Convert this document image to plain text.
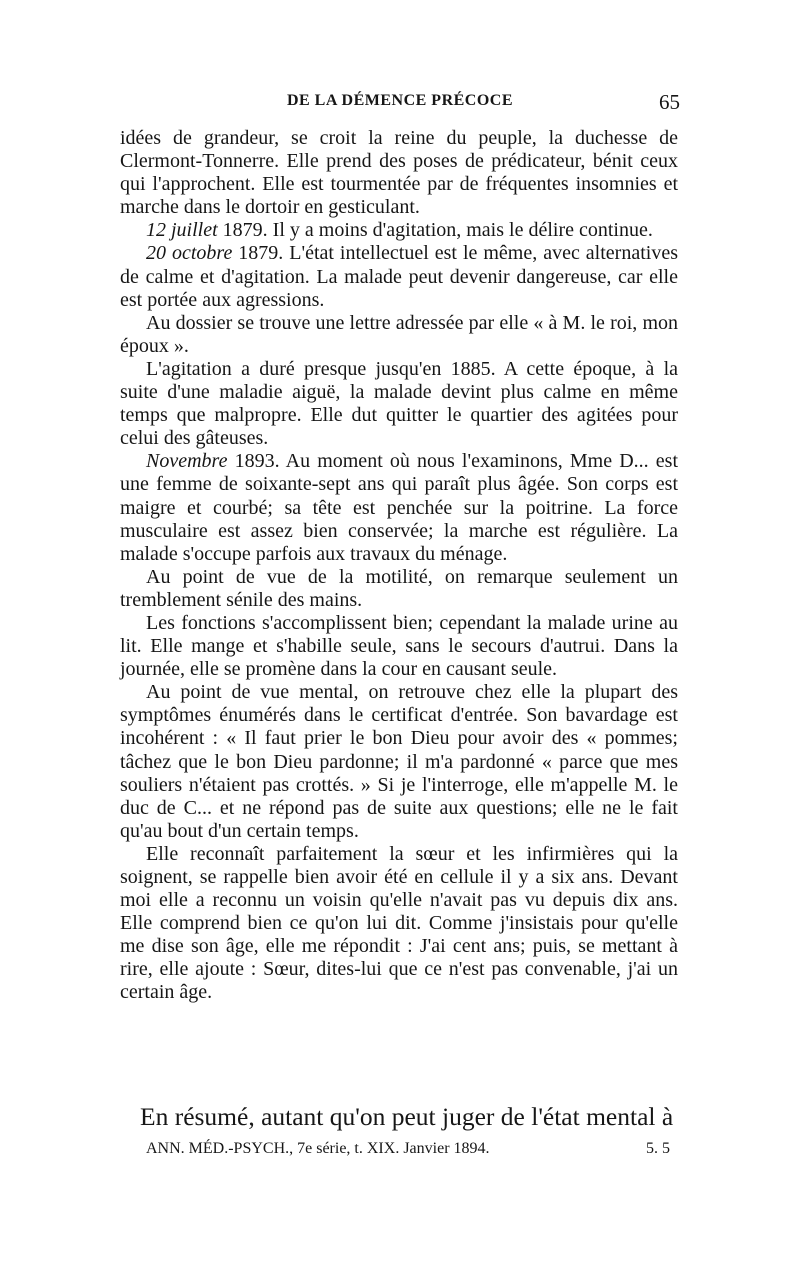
DE LA DÉMENCE PRÉCOCE	65

idées de grandeur, se croit la reine du peuple, la duchesse de Clermont-Tonnerre. Elle prend des poses de prédicateur, bénit ceux qui l'approchent. Elle est tourmentée par de fréquentes insomnies et marche dans le dortoir en gesticulant.

12 juillet 1879. Il y a moins d'agitation, mais le délire continue.

20 octobre 1879. L'état intellectuel est le même, avec alternatives de calme et d'agitation. La malade peut devenir dangereuse, car elle est portée aux agressions.

Au dossier se trouve une lettre adressée par elle « à M. le roi, mon époux ».

L'agitation a duré presque jusqu'en 1885. A cette époque, à la suite d'une maladie aiguë, la malade devint plus calme en même temps que malpropre. Elle dut quitter le quartier des agitées pour celui des gâteuses.

Novembre 1893. Au moment où nous l'examinons, Mme D... est une femme de soixante-sept ans qui paraît plus âgée. Son corps est maigre et courbé; sa tête est penchée sur la poitrine. La force musculaire est assez bien conservée; la marche est régulière. La malade s'occupe parfois aux travaux du ménage.

Au point de vue de la motilité, on remarque seulement un tremblement sénile des mains.

Les fonctions s'accomplissent bien; cependant la malade urine au lit. Elle mange et s'habille seule, sans le secours d'autrui. Dans la journée, elle se promène dans la cour en causant seule.

Au point de vue mental, on retrouve chez elle la plupart des symptômes énumérés dans le certificat d'entrée. Son bavardage est incohérent : « Il faut prier le bon Dieu pour avoir des « pommes; tâchez que le bon Dieu pardonne; il m'a pardonné « parce que mes souliers n'étaient pas crottés. » Si je l'interroge, elle m'appelle M. le duc de C... et ne répond pas de suite aux questions; elle ne le fait qu'au bout d'un certain temps.

Elle reconnaît parfaitement la sœur et les infirmières qui la soignent, se rappelle bien avoir été en cellule il y a six ans. Devant moi elle a reconnu un voisin qu'elle n'avait pas vu depuis dix ans. Elle comprend bien ce qu'on lui dit. Comme j'insistais pour qu'elle me dise son âge, elle me répondit : J'ai cent ans; puis, se mettant à rire, elle ajoute : Sœur, dites-lui que ce n'est pas convenable, j'ai un certain âge.

En résumé, autant qu'on peut juger de l'état mental à
ANN. MÉD.-PSYCH., 7e série, t. XIX. Janvier 1894.	5. 5
